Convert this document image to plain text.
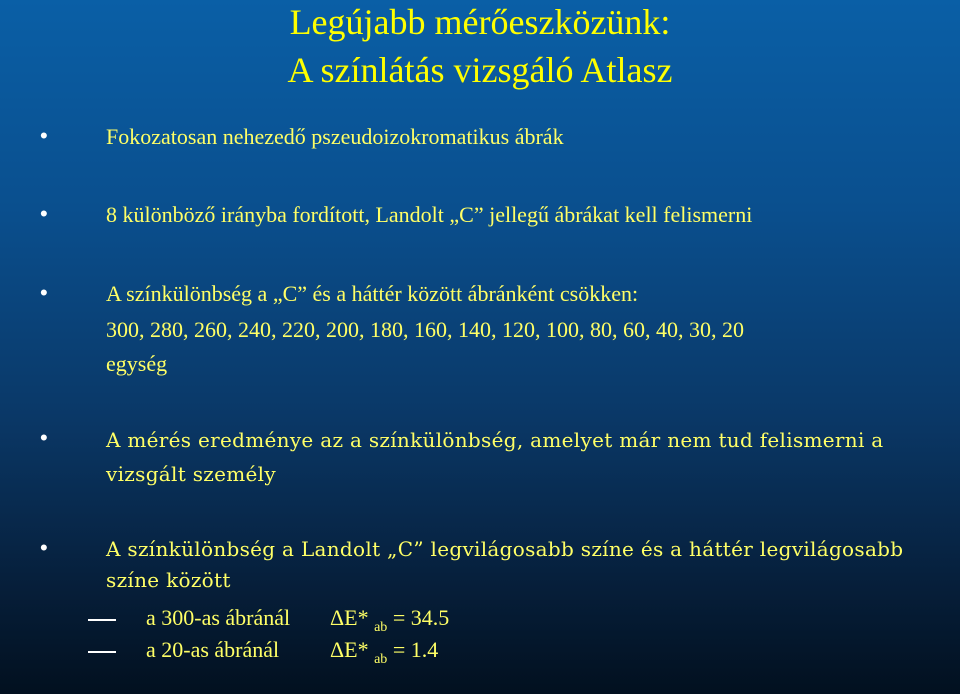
Legújabb mérőeszközünk:
A színlátás vizsgáló Atlasz
•	Fokozatosan nehezedő pszeudoizokromatikus ábrák
•	8 különböző irányba fordított, Landolt „C” jellegű ábrákat kell felismerni
•	A színkülönbség a „C” és a háttér között ábránként csökken:
300, 280, 260, 240, 220, 200, 180, 160, 140, 120, 100, 80, 60, 40, 30, 20
egység
•	A mérés eredménye az a színkülönbség, amelyet már nem tud felismerni a
vizsgált személy
•	A színkülönbség a Landolt „C” legvilágosabb színe és a háttér legvilágosabb
színe között
a 300-as ábránál ΔE* $_{ab}$ = 34.5
a 20-as ábránál ΔE* $_{ab}$ = 1.4
